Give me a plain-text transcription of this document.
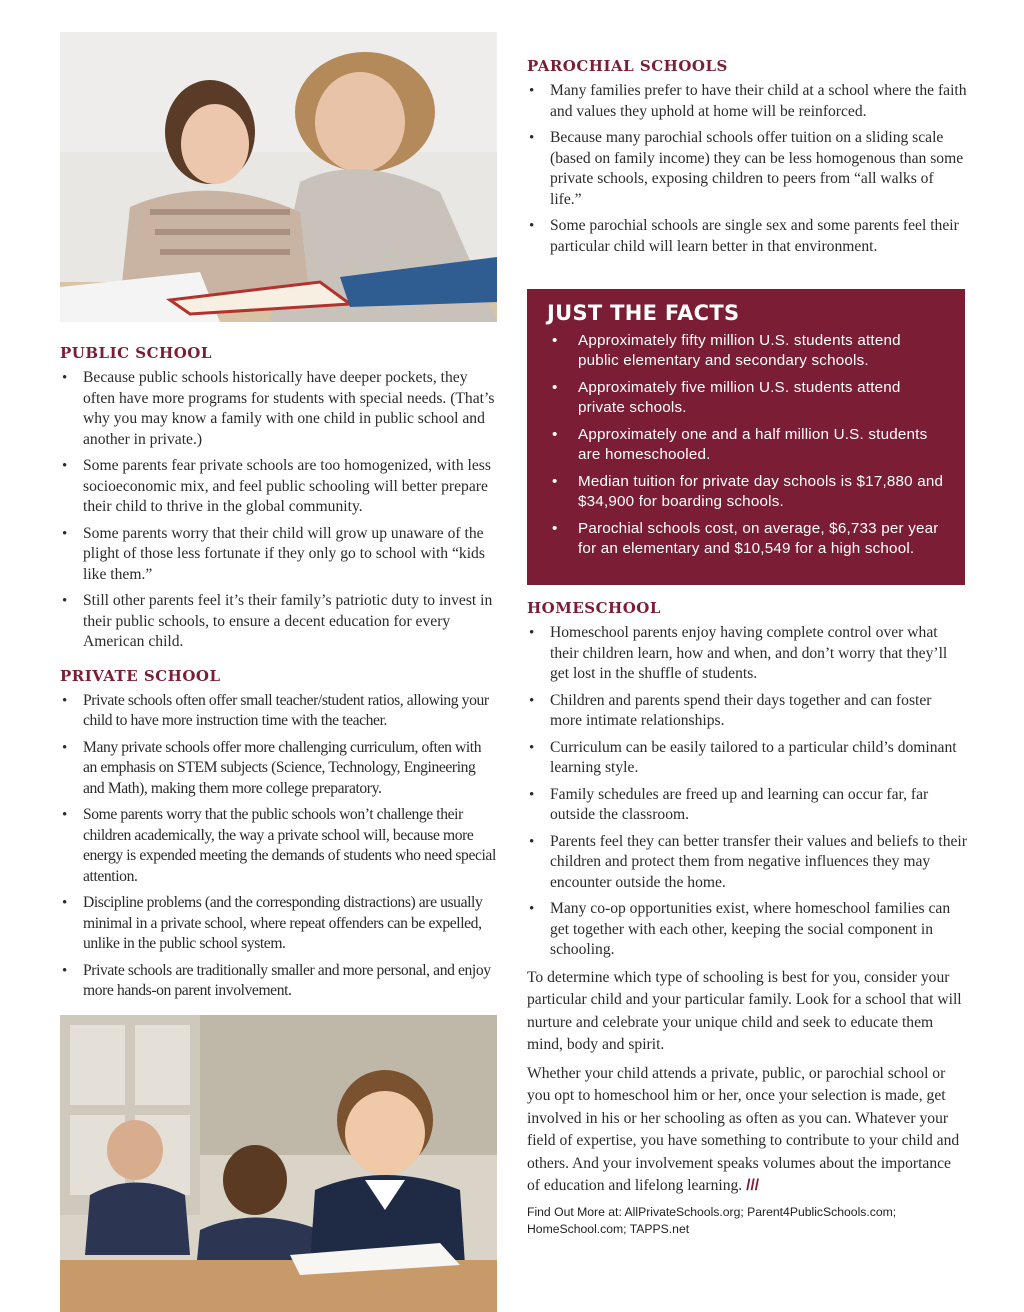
PUBLIC SCHOOL
• Because public schools historically have deeper pockets, they often have more programs for students with special needs. (That’s why you may know a family with one child in public school and another in private.)
• Some parents fear private schools are too homogenized, with less socioeconomic mix, and feel public schooling will better prepare their child to thrive in the global community.
• Some parents worry that their child will grow up unaware of the plight of those less fortunate if they only go to school with “kids like them.”
• Still other parents feel it’s their family’s patriotic duty to invest in their public schools, to ensure a decent education for every American child.
PRIVATE SCHOOL
• Private schools often offer small teacher/student ratios, allowing your child to have more instruction time with the teacher.
• Many private schools offer more challenging curriculum, often with an emphasis on STEM subjects (Science, Technology, Engineering and Math), making them more college preparatory.
• Some parents worry that the public schools won’t challenge their children academically, the way a private school will, because more energy is expended meeting the demands of students who need special attention.
• Discipline problems (and the corresponding distractions) are usually minimal in a private school, where repeat offenders can be expelled, unlike in the public school system.
• Private schools are traditionally smaller and more personal, and enjoy more hands-on parent involvement.
PAROCHIAL SCHOOLS
• Many families prefer to have their child at a school where the faith and values they uphold at home will be reinforced.
• Because many parochial schools offer tuition on a sliding scale (based on family income) they can be less homogenous than some private schools, exposing children to peers from “all walks of life.”
• Some parochial schools are single sex and some parents feel their particular child will learn better in that environment.
JUST THE FACTS
• Approximately fifty million U.S. students attend public elementary and secondary schools.
• Approximately five million U.S. students attend private schools.
• Approximately one and a half million U.S. students are homeschooled.
• Median tuition for private day schools is $17,880 and $34,900 for boarding schools.
• Parochial schools cost, on average, $6,733 per year for an elementary and $10,549 for a high school.
HOMESCHOOL
• Homeschool parents enjoy having complete control over what their children learn, how and when, and don’t worry that they’ll get lost in the shuffle of students.
• Children and parents spend their days together and can foster more intimate relationships.
• Curriculum can be easily tailored to a particular child’s dominant learning style.
• Family schedules are freed up and learning can occur far, far outside the classroom.
• Parents feel they can better transfer their values and beliefs to their children and protect them from negative influences they may encounter outside the home.
• Many co-op opportunities exist, where homeschool families can get together with each other, keeping the social component in schooling.

To determine which type of schooling is best for you, consider your particular child and your particular family. Look for a school that will nurture and celebrate your unique child and seek to educate them mind, body and spirit.

Whether your child attends a private, public, or parochial school or you opt to homeschool him or her, once your selection is made, get involved in his or her schooling as often as you can. Whatever your field of expertise, you have something to contribute to your child and others. And your involvement speaks volumes about the importance of education and lifelong learning. ///

Find Out More at: AllPrivateSchools.org; Parent4PublicSchools.com; HomeSchool.com; TAPPS.net
